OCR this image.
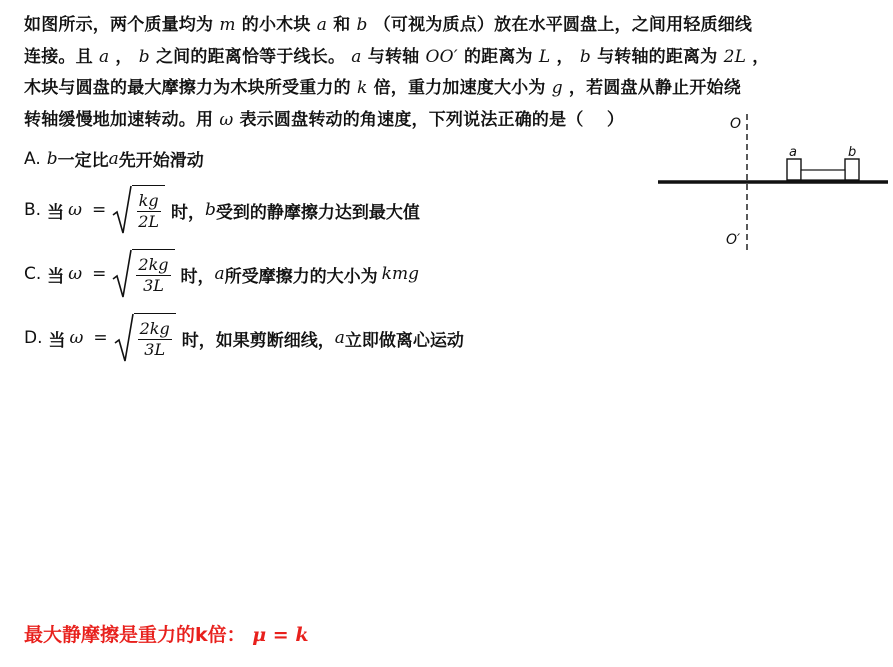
如图所示，两个质量均为 m 的小木块 a 和 b （可视为质点）放在水平圆盘上，之间用轻质细线
连接。且 a ， b 之间的距离恰等于线长。 a 与转轴 OO′ 的距离为 L ， b 与转轴的距离为 2L ，
木块与圆盘的最大摩擦力为木块所受重力的 k 倍，重力加速度大小为 g ，若圆盘从静止开始绕
转轴缓慢地加速转动。用 ω 表示圆盘转动的角速度，下列说法正确的是（　 ）
A. b 一定比 a 先开始滑动
B. 当 $\omega = \frac{kg}{2L}$ 时， b 受到的静摩擦力达到最大值
C. 当 $\omega = \frac{2kg}{3L}$ 时， a 所受摩擦力的大小为 kmg
D. 当 $\omega = \frac{2kg}{3L}$ 时，如果剪断细线， a 立即做离心运动
O
O′
a	b
最大静摩擦是重力的k倍： μ = k
